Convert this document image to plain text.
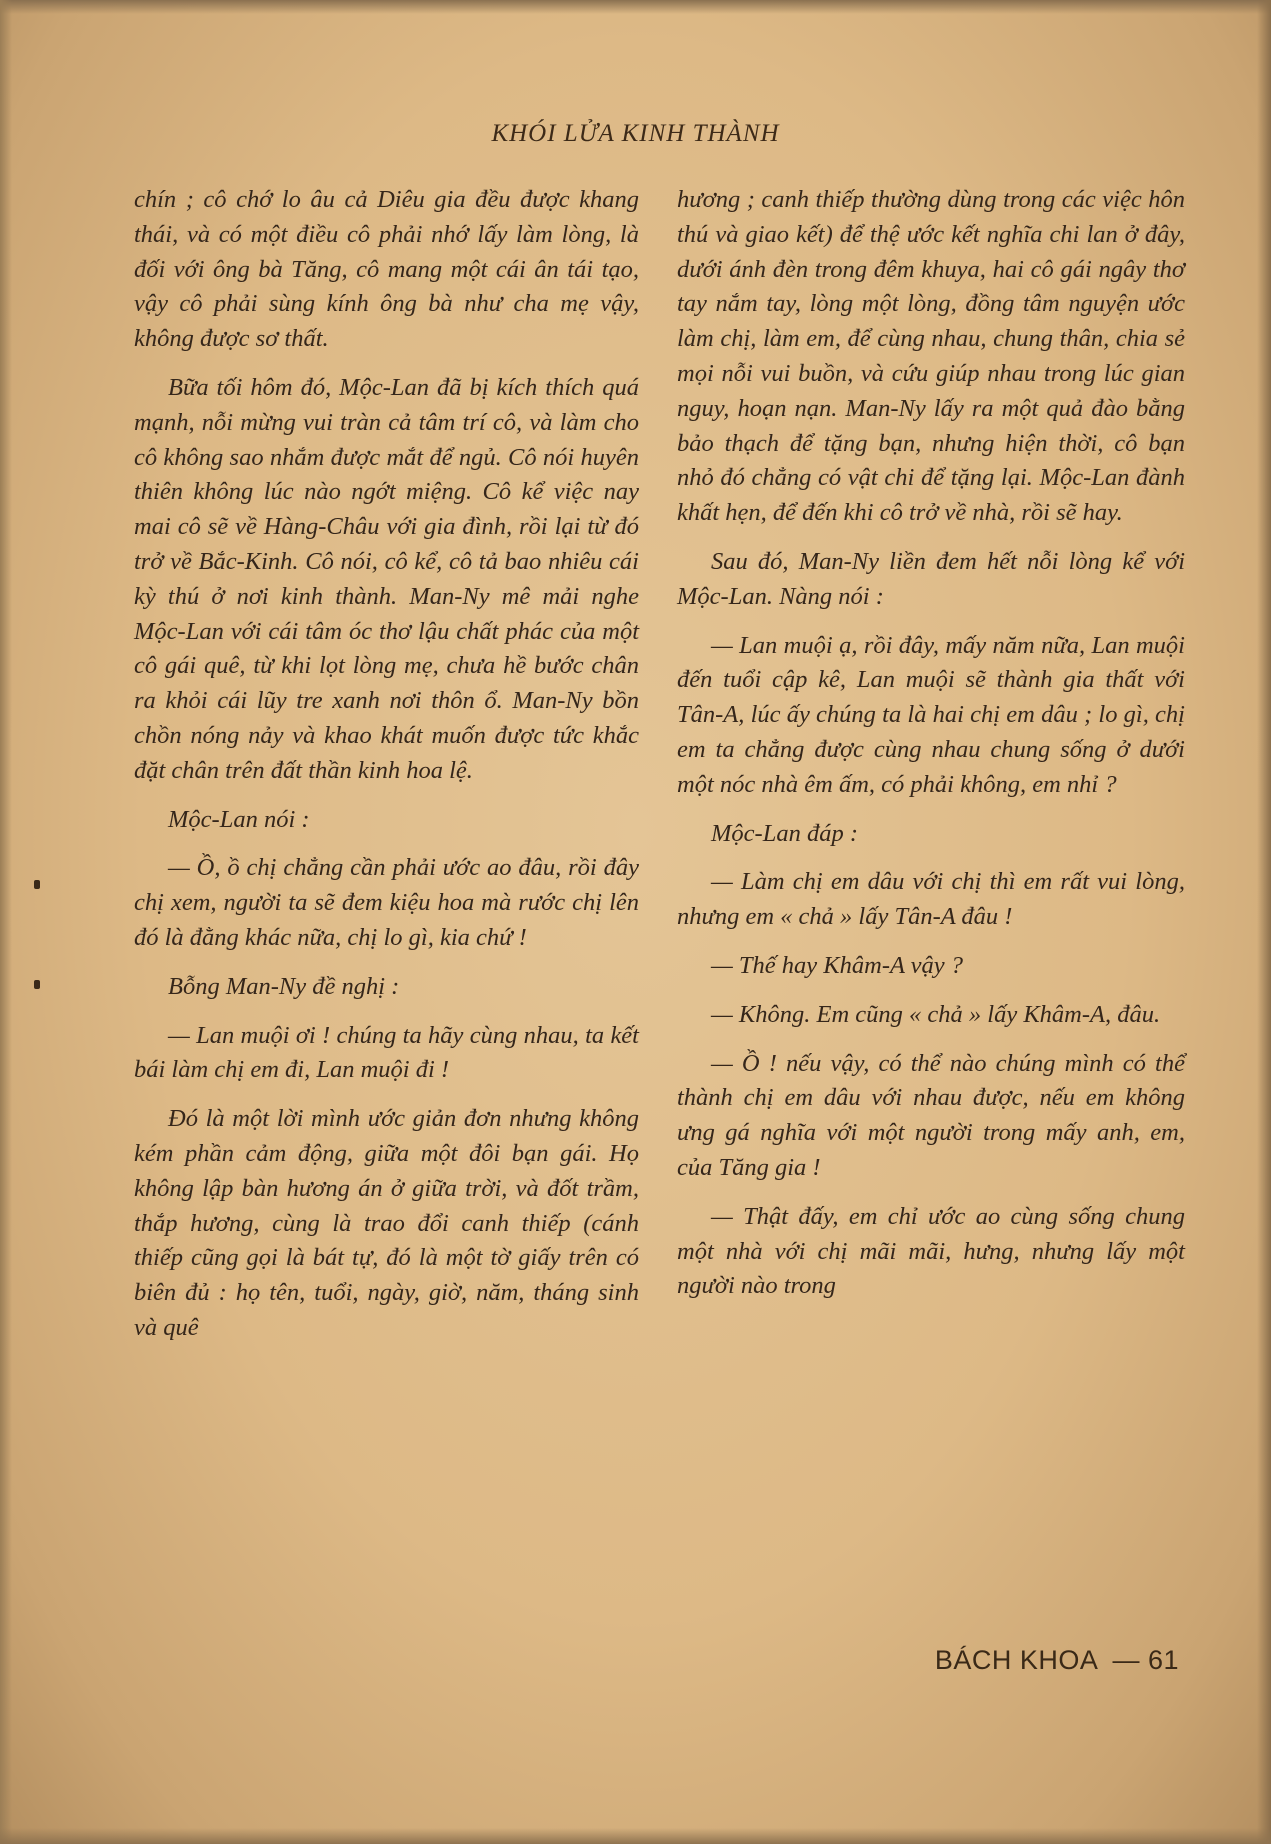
KHÓI LỬA KINH THÀNH

chín ; cô chớ lo âu cả Diêu gia đều được khang thái, và có một điều cô phải nhớ lấy làm lòng, là đối với ông bà Tăng, cô mang một cái ân tái tạo, vậy cô phải sùng kính ông bà như cha mẹ vậy, không được sơ thất.

Bữa tối hôm đó, Mộc-Lan đã bị kích thích quá mạnh, nỗi mừng vui tràn cả tâm trí cô, và làm cho cô không sao nhắm được mắt để ngủ. Cô nói huyên thiên không lúc nào ngớt miệng. Cô kể việc nay mai cô sẽ về Hàng-Châu với gia đình, rồi lại từ đó trở về Bắc-Kinh. Cô nói, cô kể, cô tả bao nhiêu cái kỳ thú ở nơi kinh thành. Man-Ny mê mải nghe Mộc-Lan với cái tâm óc thơ lậu chất phác của một cô gái quê, từ khi lọt lòng mẹ, chưa hề bước chân ra khỏi cái lũy tre xanh nơi thôn ổ. Man-Ny bồn chồn nóng nảy và khao khát muốn được tức khắc đặt chân trên đất thần kinh hoa lệ.

Mộc-Lan nói :

— Ồ, ồ chị chẳng cần phải ước ao đâu, rồi đây chị xem, người ta sẽ đem kiệu hoa mà rước chị lên đó là đằng khác nữa, chị lo gì, kia chứ !

Bỗng Man-Ny đề nghị :

— Lan muội ơi ! chúng ta hãy cùng nhau, ta kết bái làm chị em đi, Lan muội đi !

Đó là một lời mình ước giản đơn nhưng không kém phần cảm động, giữa một đôi bạn gái. Họ không lập bàn hương án ở giữa trời, và đốt trầm, thắp hương, cùng là trao đổi canh thiếp (cánh thiếp cũng gọi là bát tự, đó là một tờ giấy trên có biên đủ : họ tên, tuổi, ngày, giờ, năm, tháng sinh và quê

hương ; canh thiếp thường dùng trong các việc hôn thú và giao kết) để thệ ước kết nghĩa chi lan ở đây, dưới ánh đèn trong đêm khuya, hai cô gái ngây thơ tay nắm tay, lòng một lòng, đồng tâm nguyện ước làm chị, làm em, để cùng nhau, chung thân, chia sẻ mọi nỗi vui buồn, và cứu giúp nhau trong lúc gian nguy, hoạn nạn. Man-Ny lấy ra một quả đào bằng bảo thạch để tặng bạn, nhưng hiện thời, cô bạn nhỏ đó chẳng có vật chi để tặng lại. Mộc-Lan đành khất hẹn, để đến khi cô trở về nhà, rồi sẽ hay.

Sau đó, Man-Ny liền đem hết nỗi lòng kể với Mộc-Lan. Nàng nói :

— Lan muội ạ, rồi đây, mấy năm nữa, Lan muội đến tuổi cập kê, Lan muội sẽ thành gia thất với Tân-A, lúc ấy chúng ta là hai chị em dâu ; lo gì, chị em ta chẳng được cùng nhau chung sống ở dưới một nóc nhà êm ấm, có phải không, em nhỉ ?

Mộc-Lan đáp :

— Làm chị em dâu với chị thì em rất vui lòng, nhưng em « chả » lấy Tân-A đâu !

— Thế hay Khâm-A vậy ?

— Không. Em cũng « chả » lấy Khâm-A, đâu.

— Ồ ! nếu vậy, có thể nào chúng mình có thể thành chị em dâu với nhau được, nếu em không ưng gá nghĩa với một người trong mấy anh, em, của Tăng gia !

— Thật đấy, em chỉ ước ao cùng sống chung một nhà với chị mãi mãi, hưng, nhưng lấy một người nào trong

BÁCH KHOA — 61
